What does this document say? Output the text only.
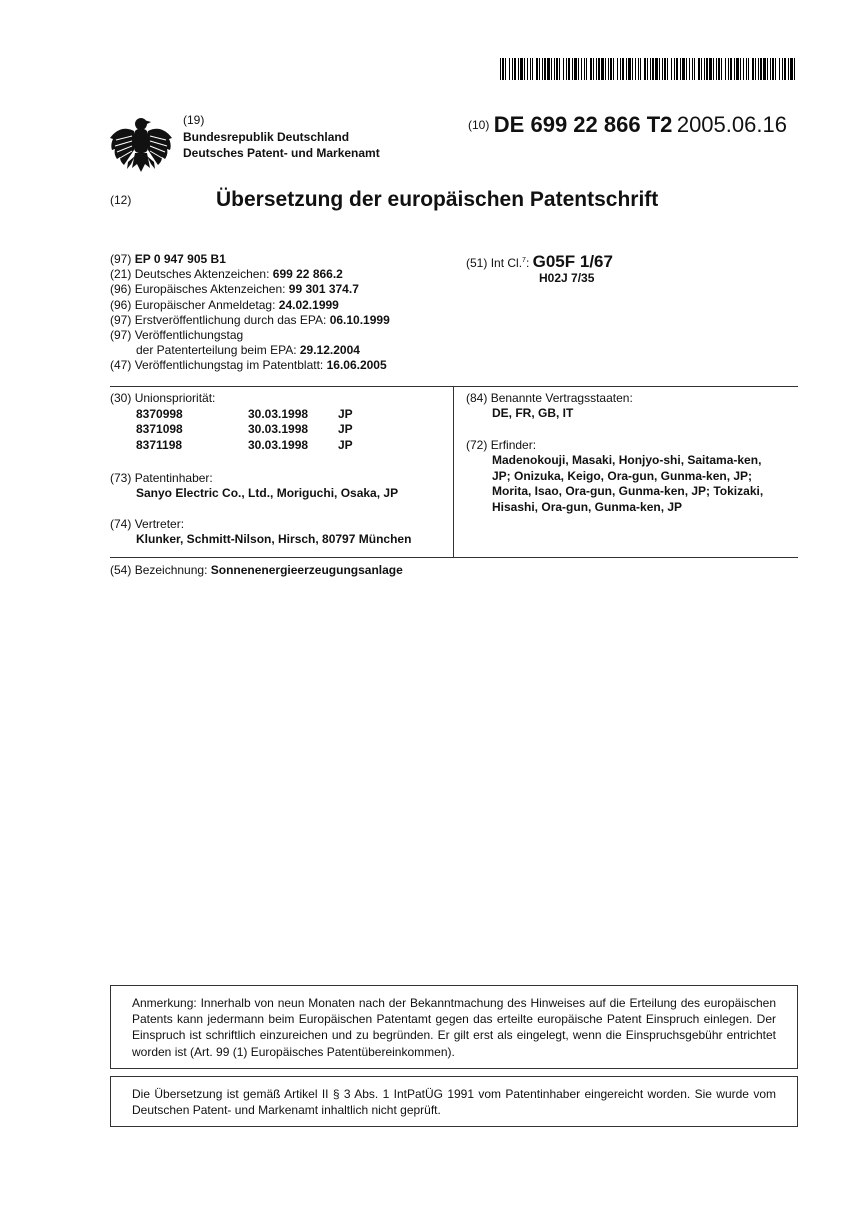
(19)
Bundesrepublik Deutschland
Deutsches Patent- und Markenamt
$^{(10)}$ DE 699 22 866 T2 2005.06.16
(12)	Übersetzung der europäischen Patentschrift
(97) EP 0 947 905 B1
(21) Deutsches Aktenzeichen: 699 22 866.2
(96) Europäisches Aktenzeichen: 99 301 374.7
(96) Europäischer Anmeldetag: 24.02.1999
(97) Erstveröffentlichung durch das EPA: 06.10.1999
(97) Veröffentlichungstag
der Patenterteilung beim EPA: 29.12.2004
(47) Veröffentlichungstag im Patentblatt: 16.06.2005
(51) Int Cl.$^7$: G05F 1/67
H02J 7/35
(30) Unionspriorität:
8370998	30.03.1998	JP
8371098	30.03.1998	JP
8371198	30.03.1998	JP
(73) Patentinhaber:
Sanyo Electric Co., Ltd., Moriguchi, Osaka, JP
(74) Vertreter:
Klunker, Schmitt-Nilson, Hirsch, 80797 München
(84) Benannte Vertragsstaaten:
DE, FR, GB, IT
(72) Erfinder:
Madenokouji, Masaki, Honjyo-shi, Saitama-ken,
JP; Onizuka, Keigo, Ora-gun, Gunma-ken, JP;
Morita, Isao, Ora-gun, Gunma-ken, JP; Tokizaki,
Hisashi, Ora-gun, Gunma-ken, JP
(54) Bezeichnung: Sonnenenergieerzeugungsanlage

Anmerkung: Innerhalb von neun Monaten nach der Bekanntmachung des Hinweises auf die Erteilung des europäischen Patents kann jedermann beim Europäischen Patentamt gegen das erteilte europäische Patent Einspruch einlegen. Der Einspruch ist schriftlich einzureichen und zu begründen. Er gilt erst als eingelegt, wenn die Einspruchsgebühr entrichtet worden ist (Art. 99 (1) Europäisches Patentübereinkommen).

Die Übersetzung ist gemäß Artikel II § 3 Abs. 1 IntPatÜG 1991 vom Patentinhaber eingereicht worden. Sie wurde vom Deutschen Patent- und Markenamt inhaltlich nicht geprüft.
